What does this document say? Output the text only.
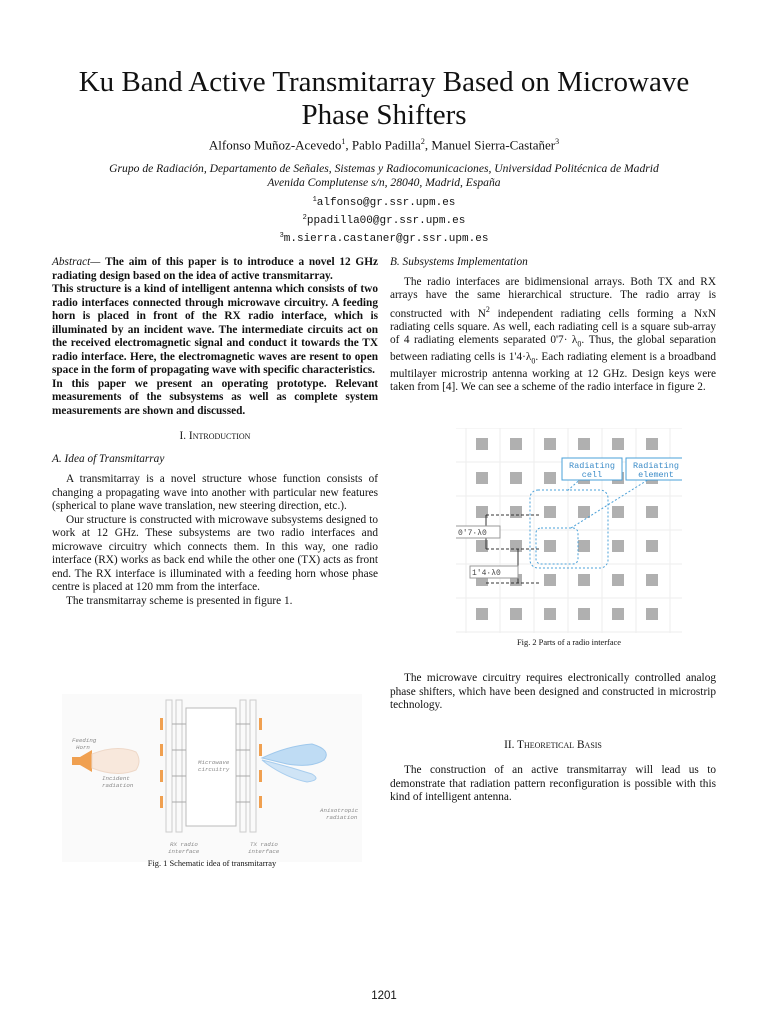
Ku Band Active Transmitarray Based on Microwave
Phase Shifters
Alfonso Muñoz-Acevedo$^1$, Pablo Padilla$^2$, Manuel Sierra-Castañer$^3$
Grupo de Radiación, Departamento de Señales, Sistemas y Radiocomunicaciones, Universidad Politécnica de Madrid
Avenida Complutense s/n, 28040, Madrid, España
$^1$alfonso@gr.ssr.upm.es
$^2$ppadilla00@gr.ssr.upm.es
$^3$m.sierra.castaner@gr.ssr.upm.es

Abstract— The aim of this paper is to introduce a novel 12 GHz radiating design based on the idea of active transmitarray.

This structure is a kind of intelligent antenna which consists of two radio interfaces connected through microwave circuitry. A feeding horn is placed in front of the RX radio interface, which is illuminated by an incident wave. The intermediate circuits act on the received electromagnetic signal and conduct it towards the TX radio interface. Here, the electromagnetic waves are resent to open space in the form of propagating wave with specific characteristics.

In this paper we present an operating prototype. Relevant measurements of the subsystems as well as complete system measurements are shown and discussed.

I. Introduction

A. Idea of Transmitarray

A transmitarray is a novel structure whose function consists of changing a propagating wave into another with particular new features (spherical to plane wave translation, new steering direction, etc.).

Our structure is constructed with microwave subsystems designed to work at 12 GHz. These subsystems are two radio interfaces and microwave circuitry which connects them. In this way, one radio interface (RX) works as back end while the other one (TX) acts as front end. The RX interface is illuminated with a feeding horn whose phase centre is placed at 120 mm from the interface.

The transmitarray scheme is presented in figure 1.

Feeding
Horn
Incident
radiation
Microwave
circuitry
RX radio
interface
TX radio
interface
Anisotropic
radiation
Fig. 1 Schematic idea of transmitarray

B. Subsystems Implementation

The radio interfaces are bidimensional arrays. Both TX and RX arrays have the same hierarchical structure. The radio array is constructed with $N^2$ independent radiating cells forming a NxN radiating cells square. As well, each radiating cell is a square sub-array of 4 radiating elements separated $0'7\cdot \lambda_0$. Thus, the global separation between radiating cells is $1'4\cdot\lambda_0$. Each radiating element is a broadband multilayer microstrip antenna working at 12 GHz. Design keys were taken from [4]. We can see a scheme of the radio interface in figure 2.

Radiating
cell
Radiating
element
0'7·λ0
1'4·λ0
Fig. 2 Parts of a radio interface

The microwave circuitry requires electronically controlled analog phase shifters, which have been designed and constructed in microstrip technology.

II. Theoretical Basis

The construction of an active transmitarray will lead us to demonstrate that radiation pattern reconfiguration is possible with this kind of intelligent antenna.

1201
